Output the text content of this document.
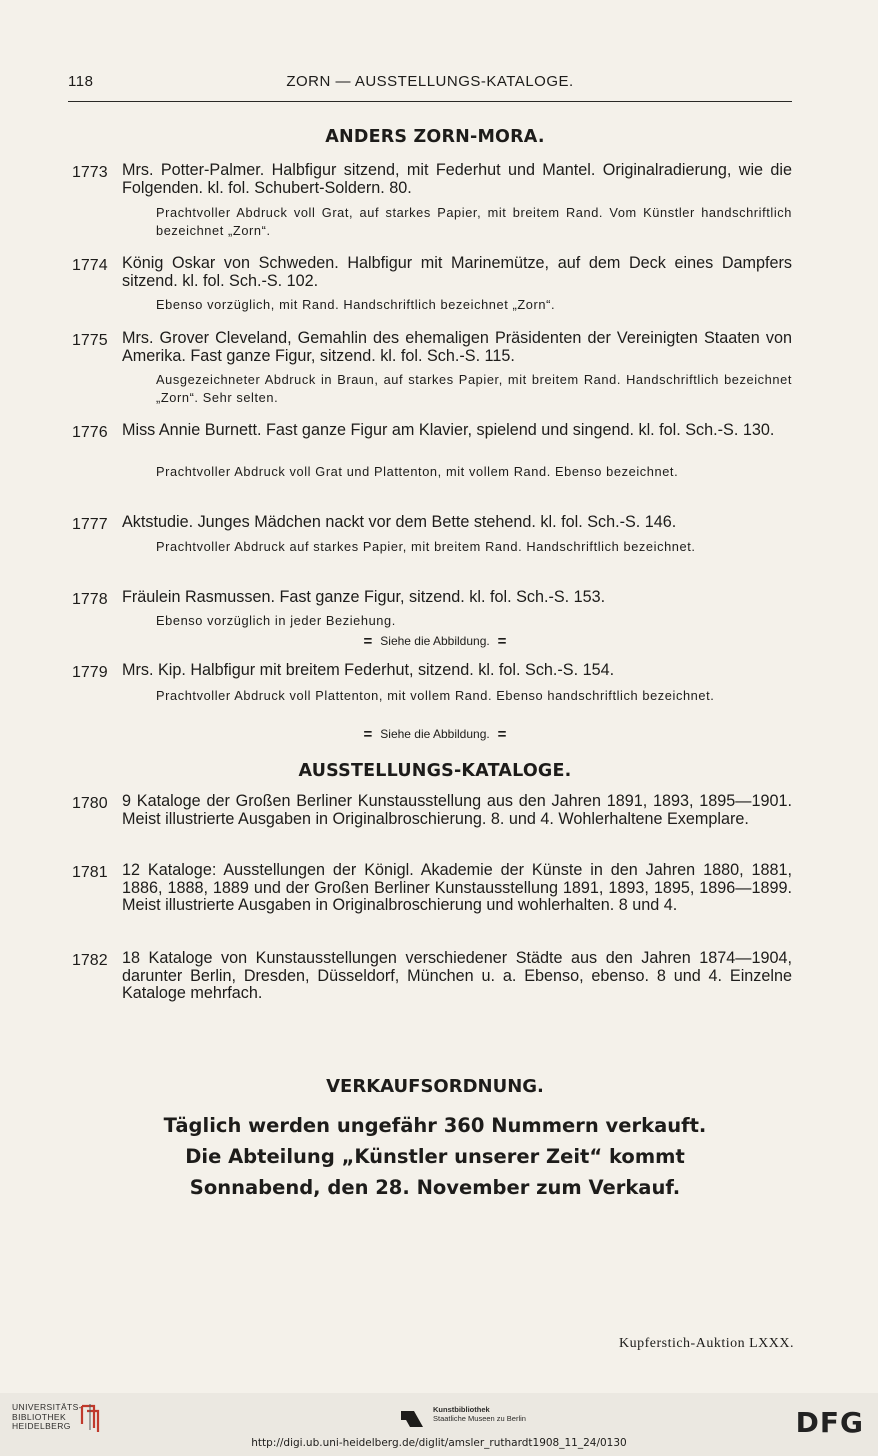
118	ZORN — AUSSTELLUNGS-KATALOGE.
ANDERS ZORN-MORA.
1773 Mrs. Potter-Palmer. Halbfigur sitzend, mit Federhut und Mantel. Originalradierung, wie die Folgenden. kl. fol. Schubert-Soldern. 80.
Prachtvoller Abdruck voll Grat, auf starkes Papier, mit breitem Rand. Vom Künstler handschriftlich bezeichnet „Zorn“.
1774 König Oskar von Schweden. Halbfigur mit Marinemütze, auf dem Deck eines Dampfers sitzend. kl. fol. Sch.-S. 102.
Ebenso vorzüglich, mit Rand. Handschriftlich bezeichnet „Zorn“.
1775 Mrs. Grover Cleveland, Gemahlin des ehemaligen Präsidenten der Vereinigten Staaten von Amerika. Fast ganze Figur, sitzend. kl. fol. Sch.-S. 115.
Ausgezeichneter Abdruck in Braun, auf starkes Papier, mit breitem Rand. Handschriftlich bezeichnet „Zorn“. Sehr selten.
1776 Miss Annie Burnett. Fast ganze Figur am Klavier, spielend und singend. kl. fol. Sch.-S. 130.
Prachtvoller Abdruck voll Grat und Plattenton, mit vollem Rand. Ebenso bezeichnet.
1777 Aktstudie. Junges Mädchen nackt vor dem Bette stehend. kl. fol. Sch.-S. 146.
Prachtvoller Abdruck auf starkes Papier, mit breitem Rand. Handschriftlich bezeichnet.
1778 Fräulein Rasmussen. Fast ganze Figur, sitzend. kl. fol. Sch.-S. 153.
Ebenso vorzüglich in jeder Beziehung.
= Siehe die Abbildung. =
1779 Mrs. Kip. Halbfigur mit breitem Federhut, sitzend. kl. fol. Sch.-S. 154.
Prachtvoller Abdruck voll Plattenton, mit vollem Rand. Ebenso handschriftlich bezeichnet.
= Siehe die Abbildung. =
AUSSTELLUNGS-KATALOGE.
1780 9 Kataloge der Großen Berliner Kunstausstellung aus den Jahren 1891, 1893, 1895—1901. Meist illustrierte Ausgaben in Originalbroschierung. 8. und 4. Wohlerhaltene Exemplare.
1781 12 Kataloge: Ausstellungen der Königl. Akademie der Künste in den Jahren 1880, 1881, 1886, 1888, 1889 und der Großen Berliner Kunstausstellung 1891, 1893, 1895, 1896—1899. Meist illustrierte Ausgaben in Originalbroschierung und wohlerhalten. 8 und 4.
1782 18 Kataloge von Kunstausstellungen verschiedener Städte aus den Jahren 1874—1904, darunter Berlin, Dresden, Düsseldorf, München u. a. Ebenso, ebenso. 8 und 4. Einzelne Kataloge mehrfach.
VERKAUFSORDNUNG.
Täglich werden ungefähr 360 Nummern verkauft.
Die Abteilung „Künstler unserer Zeit“ kommt
Sonnabend, den 28. November zum Verkauf.
Kupferstich-Auktion LXXX.
UNIVERSITÄTS-
BIBLIOTHEK
HEIDELBERG
Kunstbibliothek
Staatliche Museen zu Berlin	DFG
http://digi.ub.uni-heidelberg.de/diglit/amsler_ruthardt1908_11_24/0130
